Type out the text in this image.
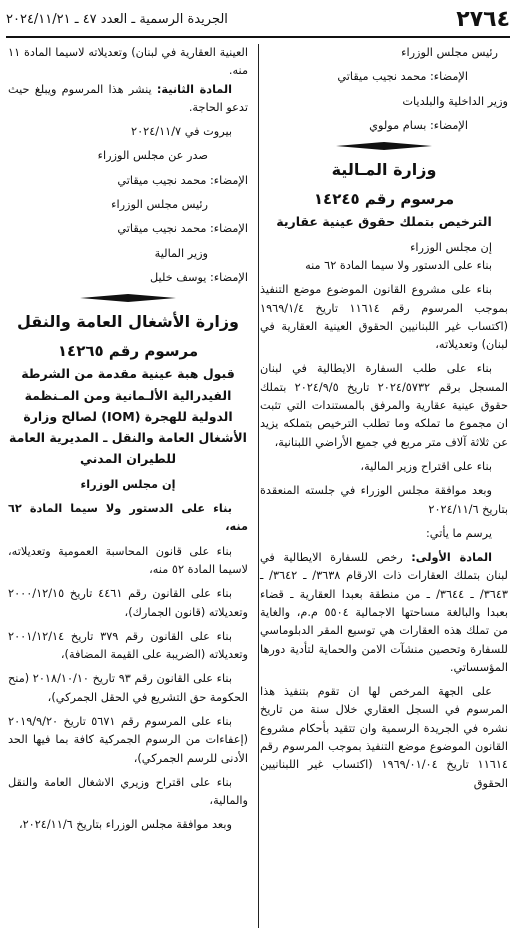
٢٧٦٤
الجريدة الرسمية ـ العدد ٤٧ ـ ٢٠٢٤/١١/٢١

رئيس مجلس الوزراء

الإمضاء: محمد نجيب ميقاتي

وزير الداخلية والبلديات

الإمضاء: بسام مولوي

وزارة المـالية

مرسوم رقم ١٤٢٤٥

الترخيص بتملك حقوق عينية عقارية

إن مجلس الوزراء

بناء على الدستور ولا سيما المادة ٦٢ منه

بناء على مشروع القانون الموضوع موضع التنفيذ بموجب المرسوم رقم ١١٦١٤ تاريخ ١٩٦٩/١/٤ (اكتساب غير اللبنانيين الحقوق العينية العقارية في لبنان) وتعديلاته،

بناء على طلب السفارة الايطالية في لبنان المسجل برقم ٢٠٢٤/٥٧٣٢ تاريخ ٢٠٢٤/٩/٥ بتملك حقوق عينية عقارية والمرفق بالمستندات التي تثبت ان مجموع ما تملكه وما تطلب الترخيص بتملكه يزيد عن ثلاثة آلاف متر مربع في جميع الأراضي اللبنانية،

بناء على اقتراح وزير المالية،

وبعد موافقة مجلس الوزراء في جلسته المنعقدة بتاريخ ٢٠٢٤/١١/٦

يرسم ما يأتي:

المادة الأولى: رخص للسفارة الايطالية في لبنان بتملك العقارات ذات الارقام ٣٦٣٨/ ـ ٣٦٤٢/ ـ ٣٦٤٣/ ـ ٣٦٤٤/ ـ من منطقة بعبدا العقارية ـ قضاء بعبدا والبالغة مساحتها الاجمالية ٥٥٠٤ م.م، والغاية من تملك هذه العقارات هي توسيع المقر الدبلوماسي للسفارة وتحصين منشآت الامن والحماية لتأدية دورها المؤسساتي.

على الجهة المرخص لها ان تقوم بتنفيذ هذا المرسوم في السجل العقاري خلال سنة من تاريخ نشره في الجريدة الرسمية وان تتقيد بأحكام مشروع القانون الموضوع موضع التنفيذ بموجب المرسوم رقم ١١٦١٤ تاريخ ١٩٦٩/٠١/٠٤ (اكتساب غير اللبنانيين الحقوق

العينية العقارية في لبنان) وتعديلاته لاسيما المادة ١١ منه.

المادة الثانية: ينشر هذا المرسوم ويبلغ حيث تدعو الحاجة.

بيروت في ٢٠٢٤/١١/٧

صدر عن مجلس الوزراء

الإمضاء: محمد نجيب ميقاتي

رئيس مجلس الوزراء

الإمضاء: محمد نجيب ميقاتي

وزير المالية

الإمضاء: يوسف خليل

وزارة الأشغال العامة والنقل

مرسوم رقم ١٤٢٦٥

قبول هبة عينية مقدمة من الشرطة الفيدرالية الألـمانية ومن المـنظمة الدولية للهجرة (IOM) لصالح وزارة الأشغال العامة والنقل ـ المديرية العامة للطيران المدني

إن مجلس الوزراء

بناء على الدستور ولا سيما المادة ٦٢ منه،

بناء على قانون المحاسبة العمومية وتعديلاته، لاسيما المادة ٥٢ منه،

بناء على القانون رقم ٤٤٦١ تاريخ ٢٠٠٠/١٢/١٥ وتعديلاته (قانون الجمارك)،

بناء على القانون رقم ٣٧٩ تاريخ ٢٠٠١/١٢/١٤ وتعديلاته (الضريبة على القيمة المضافة)،

بناء على القانون رقم ٩٣ تاريخ ٢٠١٨/١٠/١٠ (منح الحكومة حق التشريع في الحقل الجمركي)،

بناء على المرسوم رقم ٥٦٧١ تاريخ ٢٠١٩/٩/٢٠ (إعفاءات من الرسوم الجمركية كافة بما فيها الحد الأدنى للرسم الجمركي)،

بناء على اقتراح وزيري الاشغال العامة والنقل والمالية،

وبعد موافقة مجلس الوزراء بتاريخ ٢٠٢٤/١١/٦،
